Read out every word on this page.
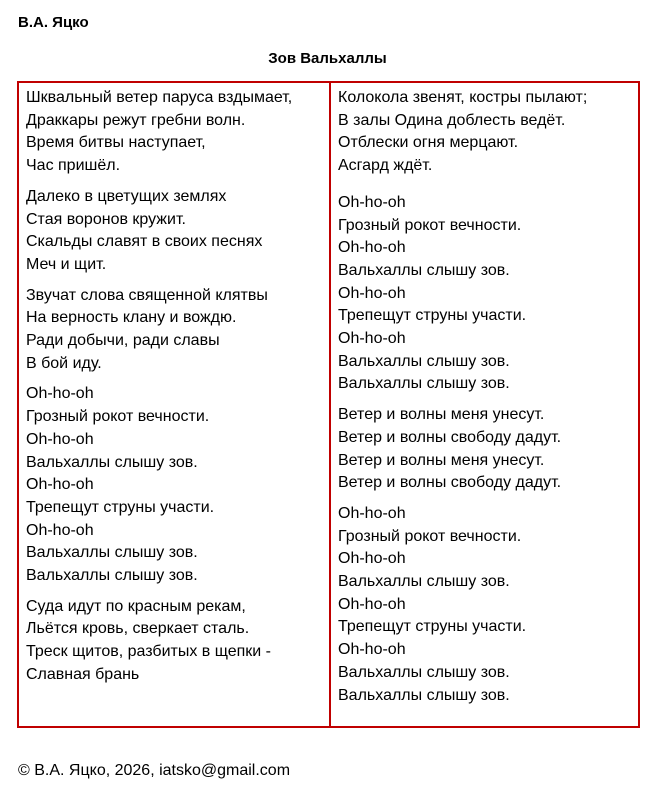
В.А. Яцко

Зов Вальхаллы

Шквальный ветер паруса вздымает,
Драккары режут гребни волн.
Время битвы наступает,
Час пришёл.
Далеко в цветущих землях
Стая воронов кружит.
Скальды славят в своих песнях
Меч и щит.
Звучат слова священной клятвы
На верность клану и вождю.
Ради добычи, ради славы
В бой иду.
Oh-ho-oh
Грозный рокот вечности.
Oh-ho-oh
Вальхаллы слышу зов.
Oh-ho-oh
Трепещут струны участи.
Oh-ho-oh
Вальхаллы слышу зов.
Вальхаллы слышу зов.
Суда идут по красным рекам,
Льётся кровь, сверкает сталь.
Треск щитов, разбитых в щепки -
Славная брань
Колокола звенят, костры пылают;
В залы Одина доблесть ведёт.
Отблески огня мерцают.
Асгард ждёт.
Oh-ho-oh
Грозный рокот вечности.
Oh-ho-oh
Вальхаллы слышу зов.
Oh-ho-oh
Трепещут струны участи.
Oh-ho-oh
Вальхаллы слышу зов.
Вальхаллы слышу зов.
Ветер и волны меня унесут.
Ветер и волны свободу дадут.
Ветер и волны меня унесут.
Ветер и волны свободу дадут.
Oh-ho-oh
Грозный рокот вечности.
Oh-ho-oh
Вальхаллы слышу зов.
Oh-ho-oh
Трепещут струны участи.
Oh-ho-oh
Вальхаллы слышу зов.
Вальхаллы слышу зов.

© В.А. Яцко, 2026, iatsko@gmail.com
